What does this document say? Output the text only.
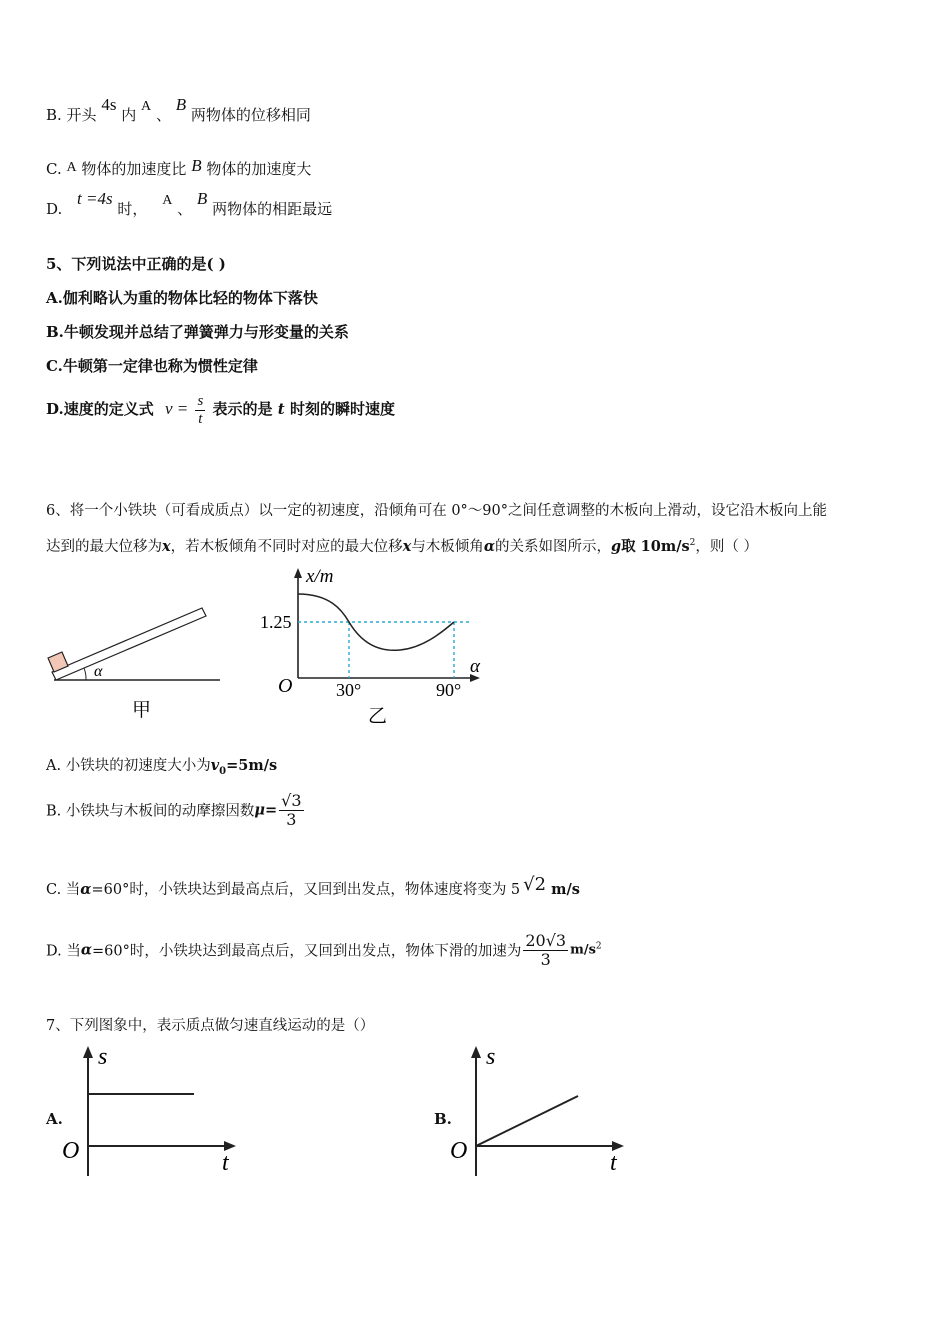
B. 开头 4s 内 A 、 B 两物体的位移相同
C. A 物体的加速度比 B 物体的加速度大
D. t =4s 时， A 、 B 两物体的相距最远
5、下列说法中正确的是( )
A.伽利略认为重的物体比轻的物体下落快
B.牛顿发现并总结了弹簧弹力与形变量的关系
C.牛顿第一定律也称为惯性定律
D.速度的定义式 $v = \frac{s}{t}$ 表示的是 t 时刻的瞬时速度
6、将一个小铁块（可看成质点）以一定的初速度，沿倾角可在 0°～90°之间任意调整的木板向上滑动，设它沿木板向上能
达到的最大位移为x，若木板倾角不同时对应的最大位移x与木板倾角α的关系如图所示，g取 $10m/s^2$，则（ ）
α
甲
x/m
1.25
O 30°	90°
α
乙
A. 小铁块的初速度大小为$v_0=5m/s$
B. 小铁块与木板间的动摩擦因数$\mu= \frac{√3}{3}$
C. 当α=60°时，小铁块达到最高点后，又回到出发点，物体速度将变为 5 √2 m/s
D. 当α=60°时，小铁块达到最高点后，又回到出发点，物体下滑的加速为 $\frac{20√3}{3} m/s^2$
7、下列图象中，表示质点做匀速直线运动的是（）
A.
s
O	t
B.
s
O	t
